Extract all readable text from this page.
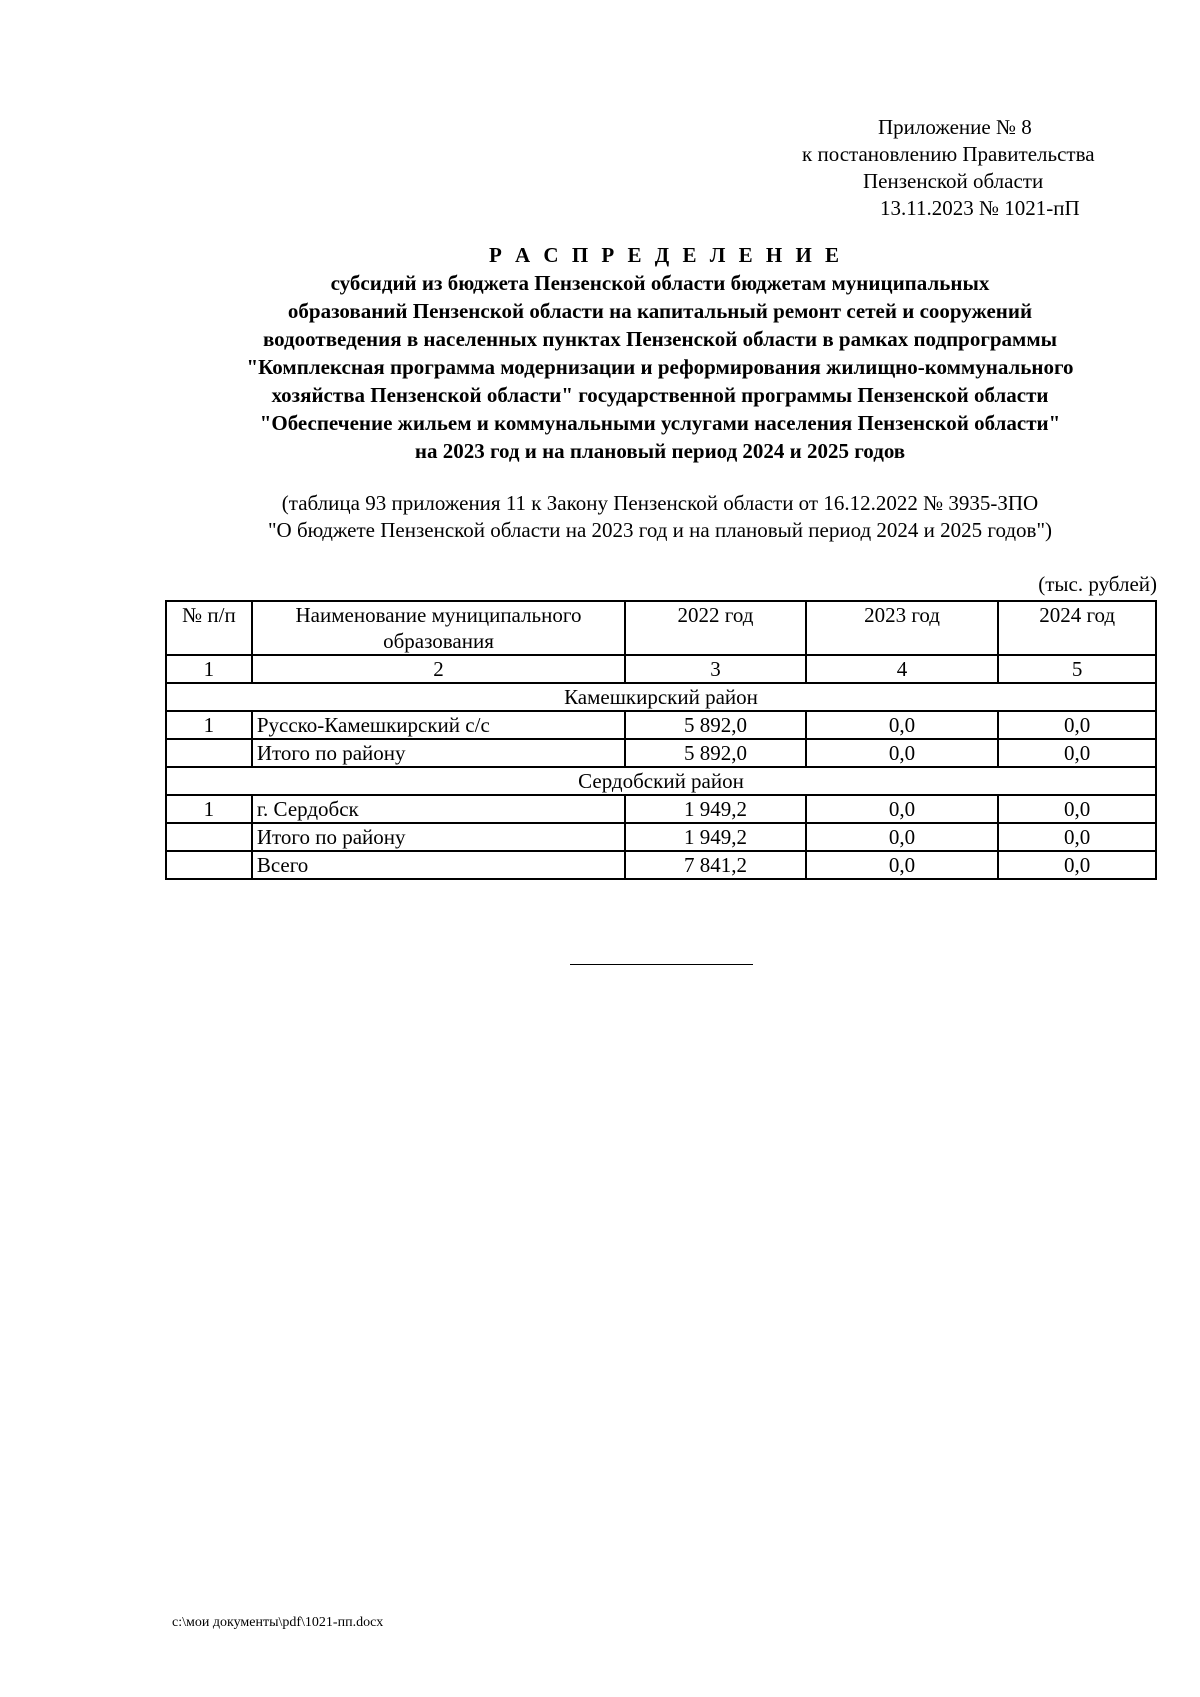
Приложение № 8
к постановлению Правительства
Пензенской области
13.11.2023 № 1021-пП
Р А С П Р Е Д Е Л Е Н И Е
субсидий из бюджета Пензенской области бюджетам муниципальных
образований Пензенской области на капитальный ремонт сетей и сооружений
водоотведения в населенных пунктах Пензенской области в рамках подпрограммы
"Комплексная программа модернизации и реформирования жилищно-коммунального
хозяйства Пензенской области" государственной программы Пензенской области
"Обеспечение жильем и коммунальными услугами населения Пензенской области"
на 2023 год и на плановый период 2024 и 2025 годов
(таблица 93 приложения 11 к Закону Пензенской области от 16.12.2022 № 3935-ЗПО
"О бюджете Пензенской области на 2023 год и на плановый период 2024 и 2025 годов")
(тыс. рублей)
№ п/п	Наименование муниципального образования	2022 год	2023 год	2024 год
1	2	3	4	5
Камешкирский район				
1	Русско-Камешкирский с/с	5 892,0	0,0	0,0
	Итого по району	5 892,0	0,0	0,0
Сердобский район				
1	г. Сердобск	1 949,2	0,0	0,0
	Итого по району	1 949,2	0,0	0,0
	Всего	7 841,2	0,0	0,0
c:\мои документы\pdf\1021-пп.docx
